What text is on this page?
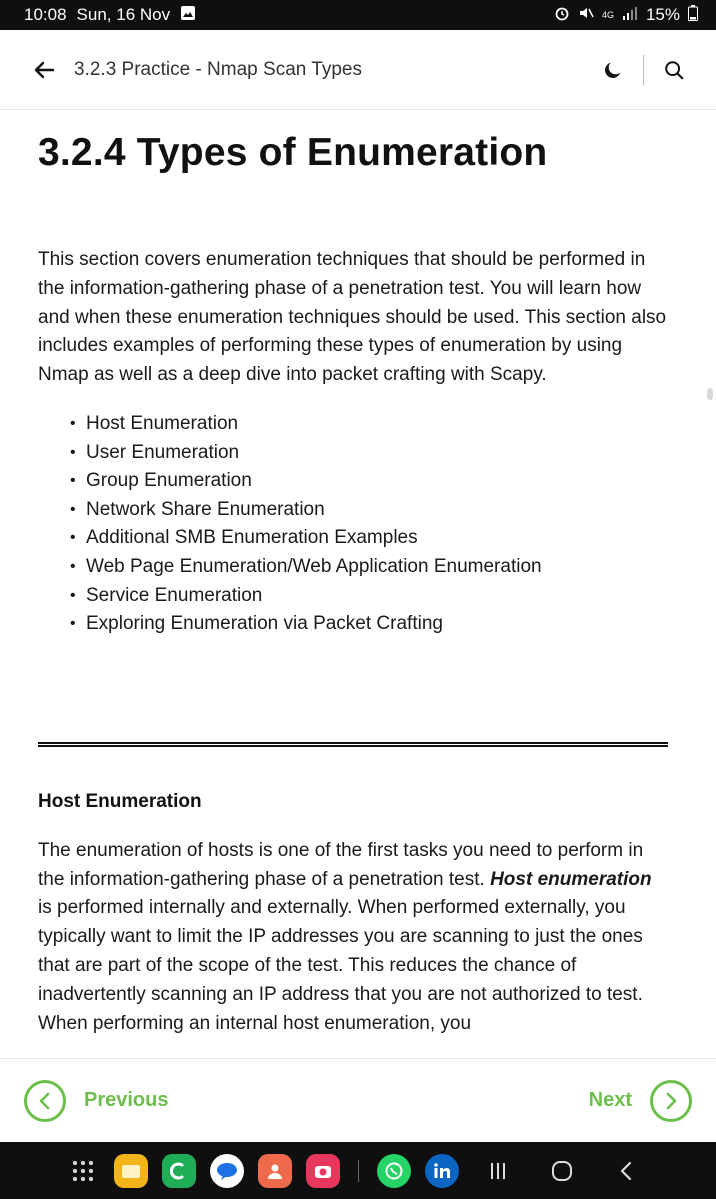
10:08 Sun, 16 Nov	4G 15%
3.2.3 Practice - Nmap Scan Types
3.2.4 Types of Enumeration

This section covers enumeration techniques that should be performed in the information-gathering phase of a penetration test. You will learn how and when these enumeration techniques should be used. This section also includes examples of performing these types of enumeration by using Nmap as well as a deep dive into packet crafting with Scapy.

• Host Enumeration
• User Enumeration
• Group Enumeration
• Network Share Enumeration
• Additional SMB Enumeration Examples
• Web Page Enumeration/Web Application Enumeration
• Service Enumeration
• Exploring Enumeration via Packet Crafting
Host Enumeration

The enumeration of hosts is one of the first tasks you need to perform in the information-gathering phase of a penetration test. Host enumeration is performed internally and externally. When performed externally, you typically want to limit the IP addresses you are scanning to just the ones that are part of the scope of the test. This reduces the chance of inadvertently scanning an IP address that you are not authorized to test. When performing an internal host enumeration, you

Previous	Next
